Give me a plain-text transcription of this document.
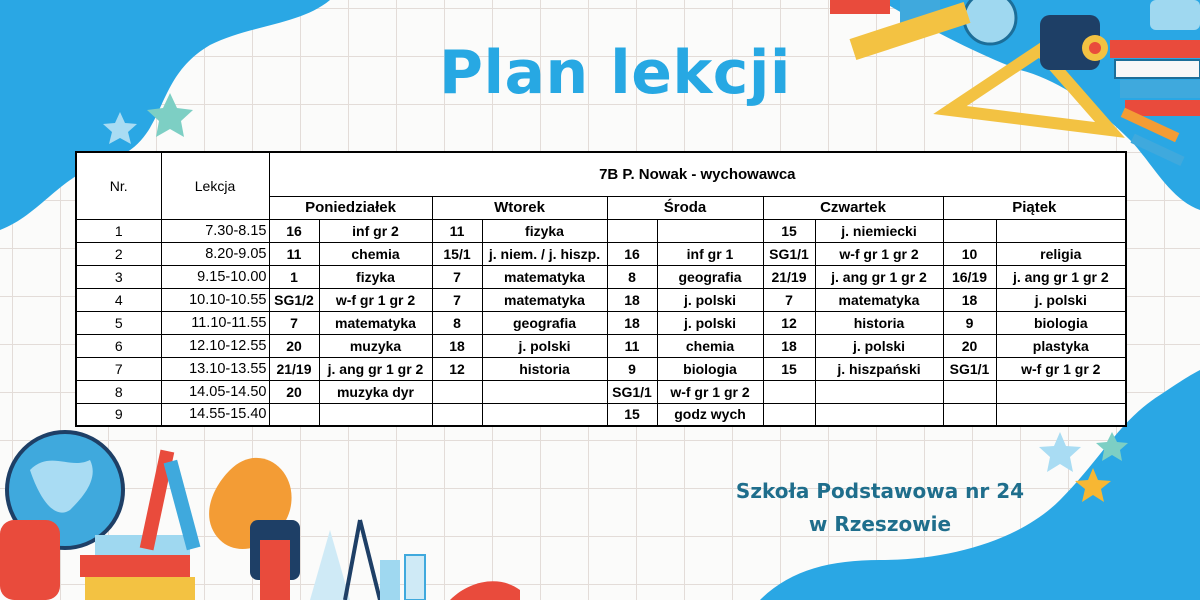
Plan lekcji
Nr.	Lekcja	7B P. Nowak - wychowawca									
		Poniedziałek		Wtorek		Środa		Czwartek		Piątek	
1	7.30-8.15	16	inf gr 2	11	fizyka			15	j. niemiecki		
2	8.20-9.05	11	chemia	15/1	j. niem. / j. hiszp.	16	inf gr 1	SG1/1	w-f gr 1 gr 2	10	religia
3	9.15-10.00	1	fizyka	7	matematyka	8	geografia	21/19	j. ang gr 1 gr 2	16/19	j. ang gr 1 gr 2
4	10.10-10.55	SG1/2	w-f gr 1 gr 2	7	matematyka	18	j. polski	7	matematyka	18	j. polski
5	11.10-11.55	7	matematyka	8	geografia	18	j. polski	12	historia	9	biologia
6	12.10-12.55	20	muzyka	18	j. polski	11	chemia	18	j. polski	20	plastyka
7	13.10-13.55	21/19	j. ang gr 1 gr 2	12	historia	9	biologia	15	j. hiszpański	SG1/1	w-f gr 1 gr 2
8	14.05-14.50	20	muzyka dyr			SG1/1	w-f gr 1 gr 2				
9	14.55-15.40					15	godz wych				
Szkoła Podstawowa nr 24
w Rzeszowie
